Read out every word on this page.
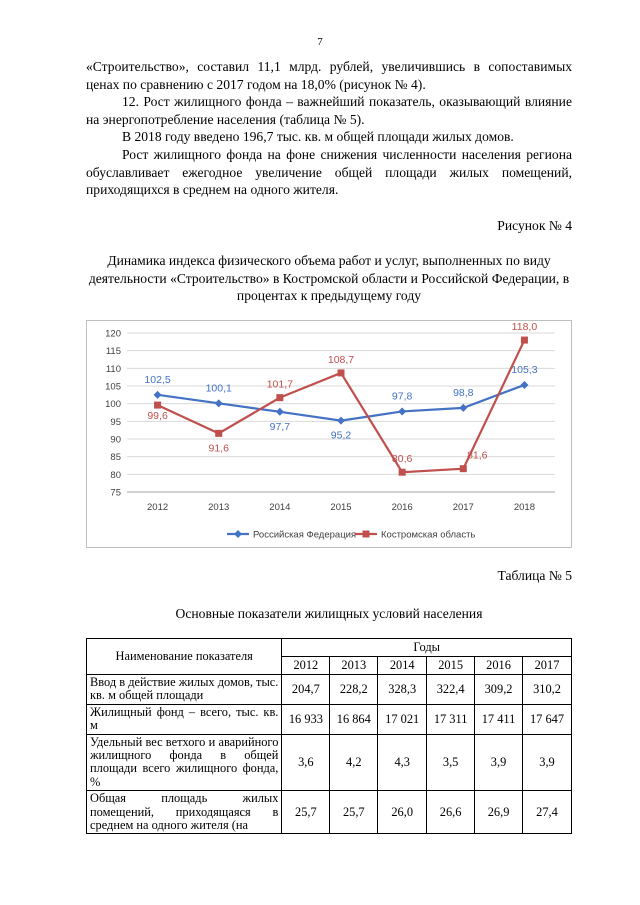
7

«Строительство», составил 11,1 млрд. рублей, увеличившись в сопоставимых ценах по сравнению с 2017 годом на 18,0% (рисунок № 4).

12. Рост жилищного фонда – важнейший показатель, оказывающий влияние на энергопотребление населения (таблица № 5).

В 2018 году введено 196,7 тыс. кв. м общей площади жилых домов.

Рост жилищного фонда на фоне снижения численности населения региона обуславливает ежегодное увеличение общей площади жилых помещений, приходящихся в среднем на одного жителя.

Рисунок № 4
Динамика индекса физического объема работ и услуг, выполненных по виду деятельности «Строительство» в Костромской области и Российской Федерации, в процентах к предыдущему году
120
115
110
105
100
95
90
85
80
75
2012	2013	2014	2015	2016	2017	2018
102,5
100,1
97,7
95,2
97,8	98,8
105,3
99,6
91,6
101,7
108,7
80,6	81,6
118,0
Российская Федерация	Костромская область
Таблица № 5
Основные показатели жилищных условий населения
Наименование показателя	Годы					
	2012	2013	2014	2015	2016	2017
Ввод в действие жилых домов, тыс. кв. м общей площади	204,7	228,2	328,3	322,4	309,2	310,2
Жилищный фонд – всего, тыс. кв. м	16 933	16 864	17 021	17 311	17 411	17 647
Удельный вес ветхого и аварийного жилищного фонда в общей площади всего жилищного фонда, %	3,6	4,2	4,3	3,5	3,9	3,9
Общая площадь жилых помещений, приходящаяся в среднем на одного жителя (на	25,7	25,7	26,0	26,6	26,9	27,4
